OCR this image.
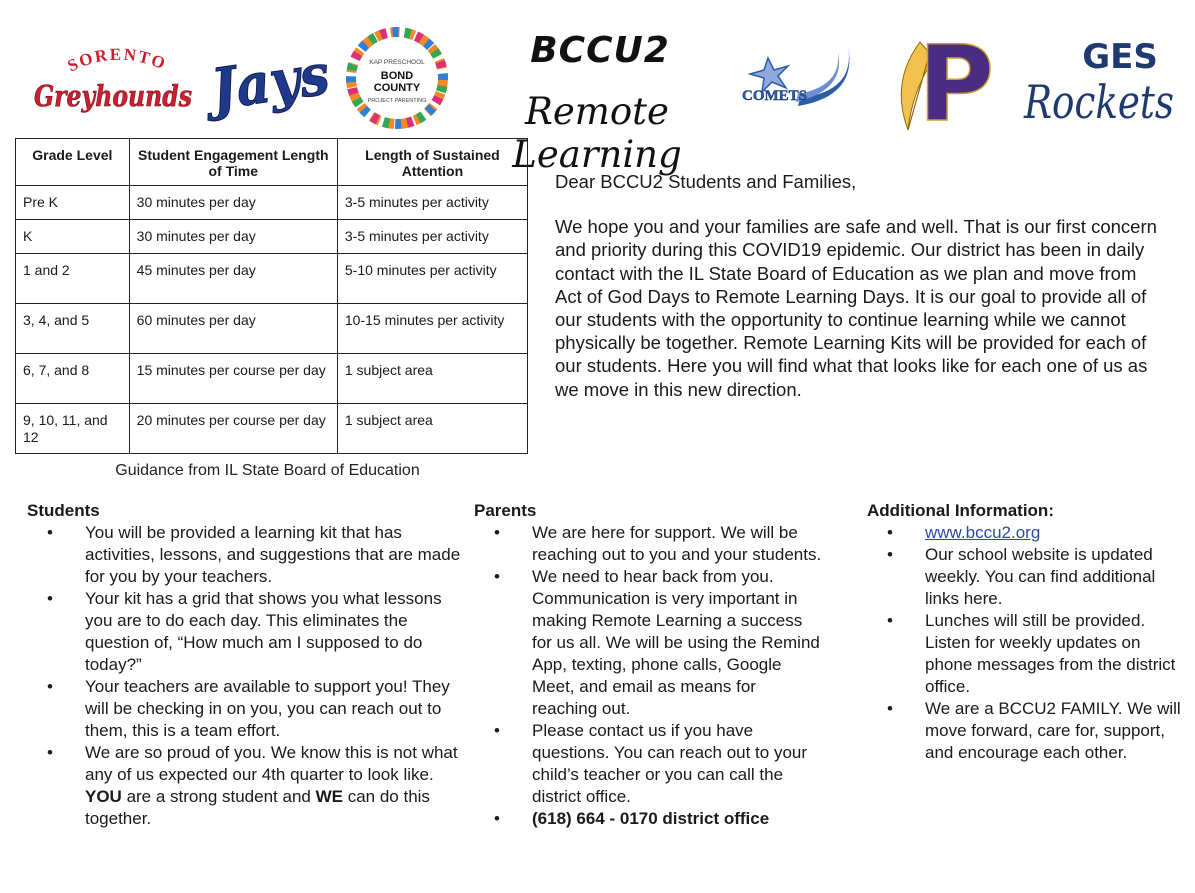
SORENTO
Greyhounds Jays	KAP PRESCHOOL
BOND
COUNTY
PROJECT PARENTING
BCCU2
Remote Learning
COMETS P	GES
Rockets
Grade Level	Student Engagement Length of Time	Length of Sustained Attention
Pre K	30 minutes per day	3-5 minutes per activity
K	30 minutes per day	3-5 minutes per activity
1 and 2	45 minutes per day	5-10 minutes per activity
3, 4, and 5	60 minutes per day	10-15 minutes per activity
6, 7, and 8	15 minutes per course per day	1 subject area
9, 10, 11, and 12	20 minutes per course per day	1 subject area
Guidance from IL State Board of Education

Dear BCCU2 Students and Families,

We hope you and your families are safe and well. That is our first concern and priority during this COVID19 epidemic. Our district has been in daily contact with the IL State Board of Education as we plan and move from Act of God Days to Remote Learning Days. It is our goal to provide all of our students with the opportunity to continue learning while we cannot physically be together. Remote Learning Kits will be provided for each of our students. Here you will find what that looks like for each one of us as we move in this new direction.

Students
• You will be provided a learning kit that has activities, lessons, and suggestions that are made for you by your teachers.
• Your kit has a grid that shows you what lessons you are to do each day. This eliminates the question of, “How much am I supposed to do today?”
• Your teachers are available to support you! They will be checking in on you, you can reach out to them, this is a team effort.
• We are so proud of you. We know this is not what any of us expected our 4th quarter to look like. YOU are a strong student and WE can do this together.
Parents
• We are here for support. We will be reaching out to you and your students.
• We need to hear back from you. Communication is very important in making Remote Learning a success for us all. We will be using the Remind App, texting, phone calls, Google Meet, and email as means for reaching out.
• Please contact us if you have questions. You can reach out to your child’s teacher or you can call the district office.
• (618) 664 - 0170 district office
Additional Information:
• www.bccu2.org
• Our school website is updated weekly. You can find additional links here.
• Lunches will still be provided. Listen for weekly updates on phone messages from the district office.
• We are a BCCU2 FAMILY. We will move forward, care for, support, and encourage each other.
